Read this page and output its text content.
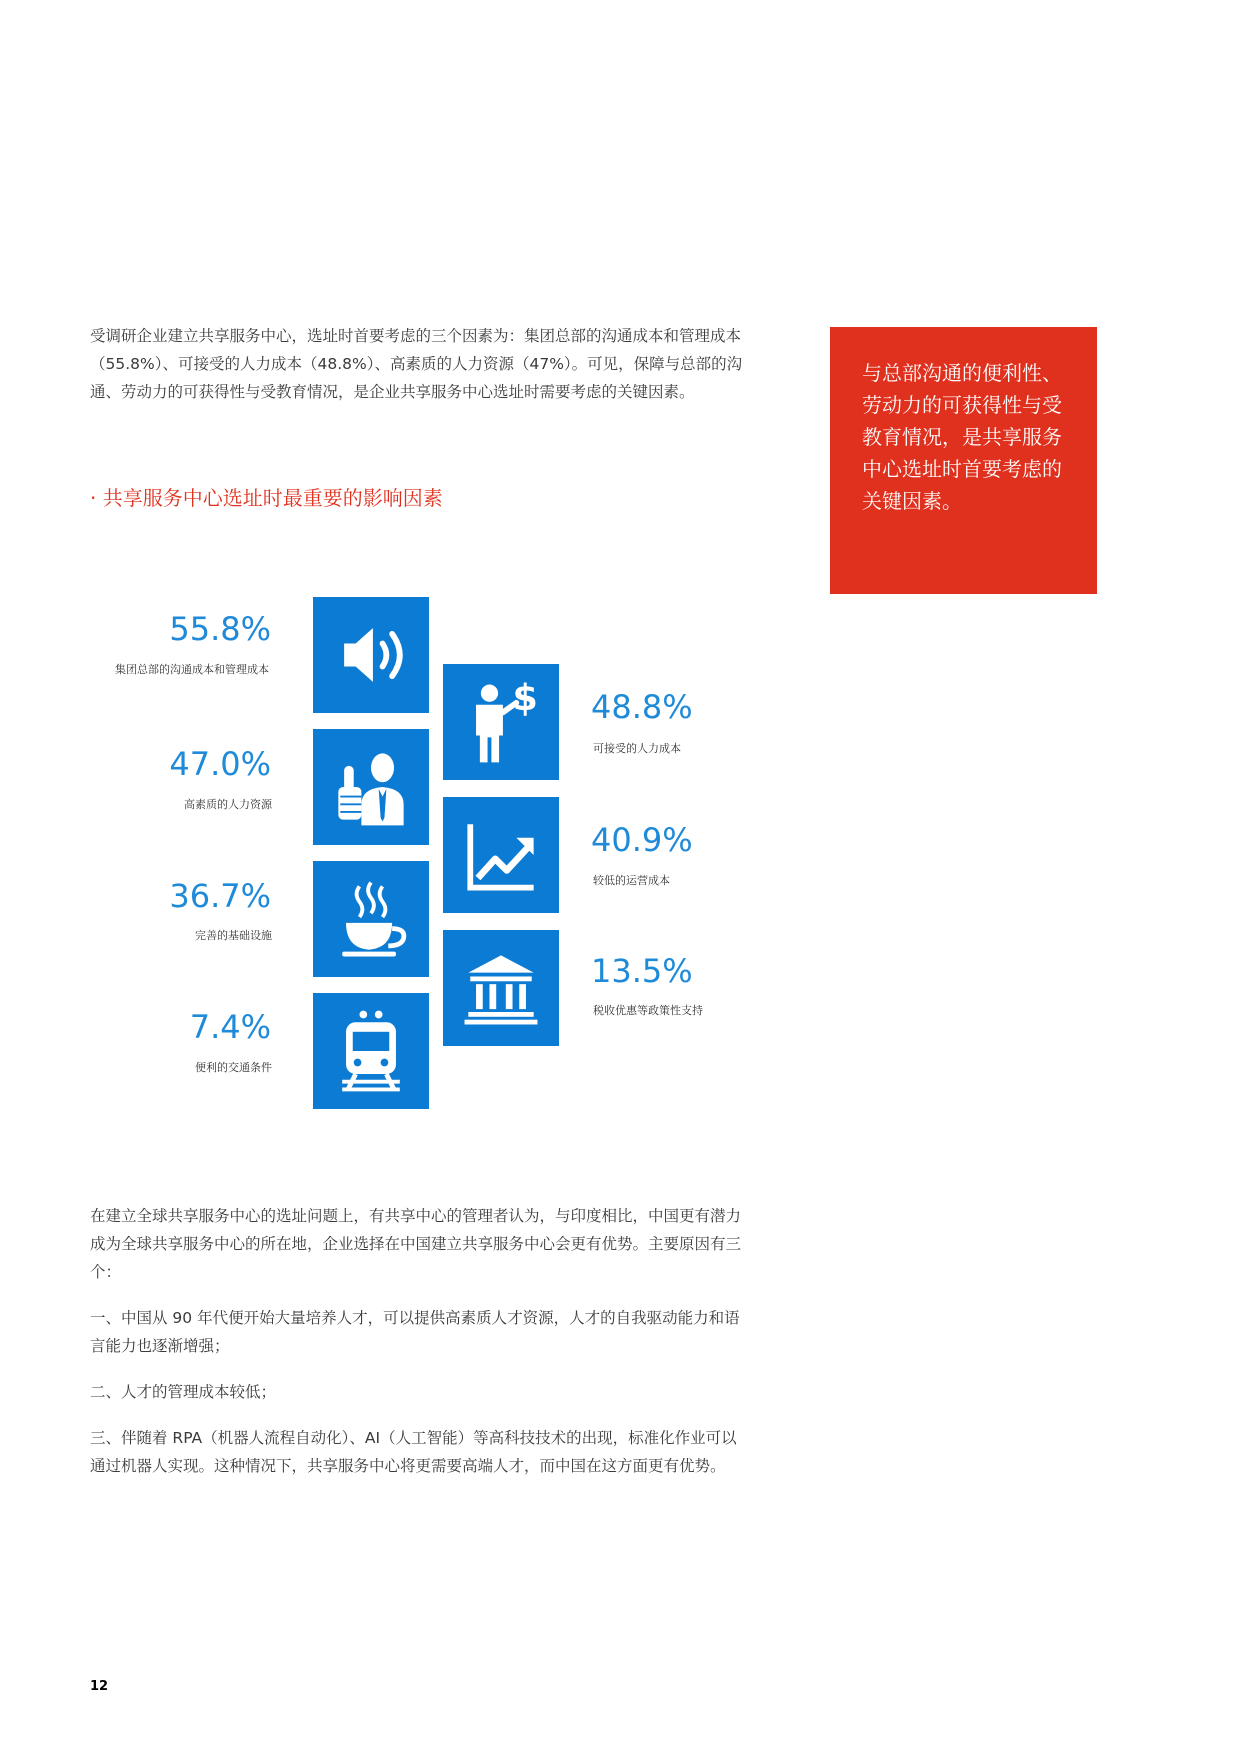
受调研企业建立共享服务中心，选址时首要考虑的三个因素为：集团总部的沟通成本和管理成本（55.8%）、可接受的人力成本（48.8%）、高素质的人力资源（47%）。可见，保障与总部的沟通、劳动力的可获得性与受教育情况，是企业共享服务中心选址时需要考虑的关键因素。

· 共享服务中心选址时最重要的影响因素

与总部沟通的便利性、劳动力的可获得性与受教育情况，是共享服务中心选址时首要考虑的关键因素。

$

55.8%

集团总部的沟通成本和管理成本

47.0%

高素质的人力资源

36.7%

完善的基础设施

7.4%

便利的交通条件

48.8%

可接受的人力成本

40.9%

较低的运营成本

13.5%

税收优惠等政策性支持

在建立全球共享服务中心的选址问题上，有共享中心的管理者认为，与印度相比，中国更有潜力成为全球共享服务中心的所在地，企业选择在中国建立共享服务中心会更有优势。主要原因有三个：

一、中国从 90 年代便开始大量培养人才，可以提供高素质人才资源，人才的自我驱动能力和语言能力也逐渐增强；

二、人才的管理成本较低；

三、伴随着 RPA（机器人流程自动化）、AI（人工智能）等高科技技术的出现，标准化作业可以通过机器人实现。这种情况下，共享服务中心将更需要高端人才，而中国在这方面更有优势。

12
